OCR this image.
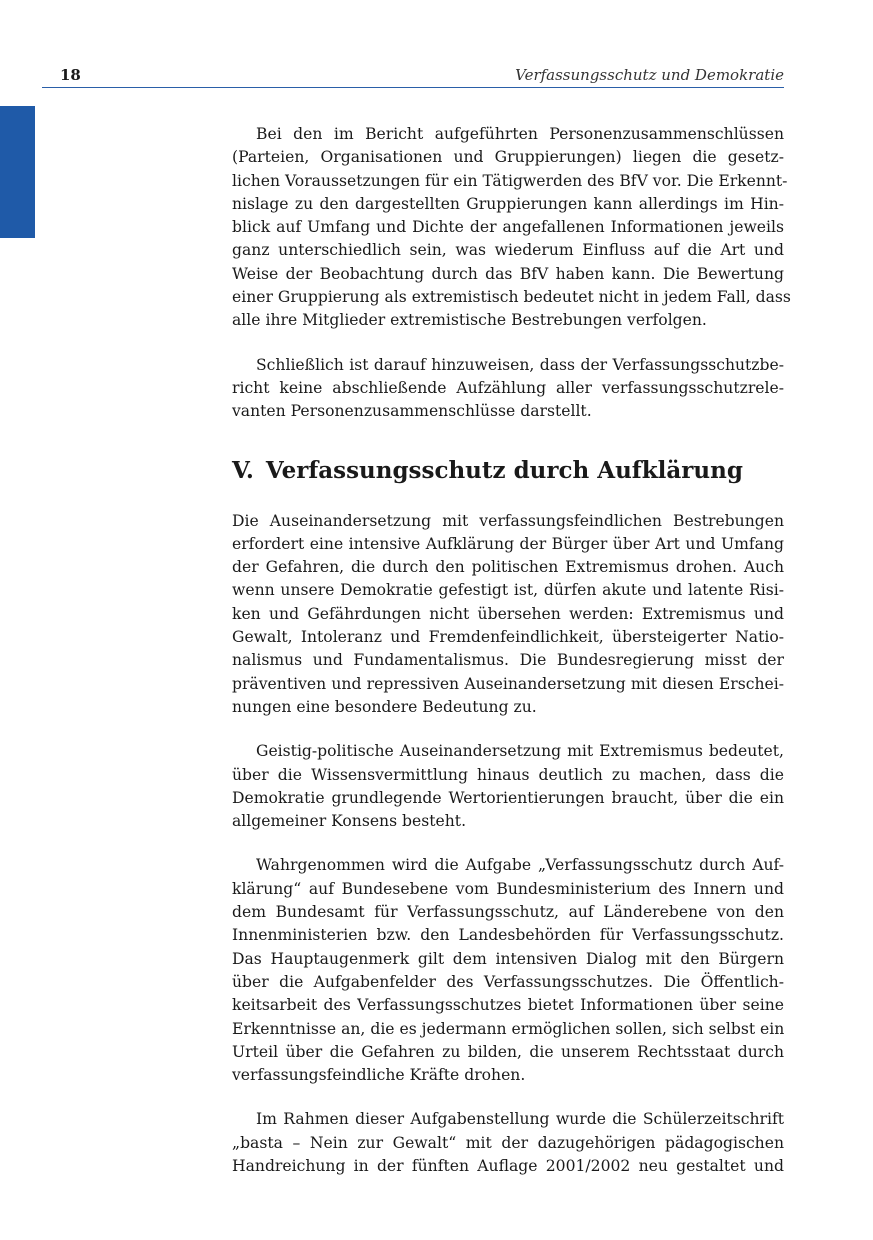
18	Verfassungsschutz und Demokratie

Bei den im Bericht aufgeführten Personenzusammenschlüssen
(Parteien, Organisationen und Gruppierungen) liegen die gesetz-
lichen Voraussetzungen für ein Tätigwerden des BfV vor. Die Erkennt-
nislage zu den dargestellten Gruppierungen kann allerdings im Hin-
blick auf Umfang und Dichte der angefallenen Informationen jeweils
ganz unterschiedlich sein, was wiederum Einfluss auf die Art und
Weise der Beobachtung durch das BfV haben kann. Die Bewertung
einer Gruppierung als extremistisch bedeutet nicht in jedem Fall, dass
alle ihre Mitglieder extremistische Bestrebungen verfolgen.

Schließlich ist darauf hinzuweisen, dass der Verfassungsschutzbe-
richt keine abschließende Aufzählung aller verfassungsschutzrele-
vanten Personenzusammenschlüsse darstellt.

V. Verfassungsschutz durch Aufklärung

Die Auseinandersetzung mit verfassungsfeindlichen Bestrebungen
erfordert eine intensive Aufklärung der Bürger über Art und Umfang
der Gefahren, die durch den politischen Extremismus drohen. Auch
wenn unsere Demokratie gefestigt ist, dürfen akute und latente Risi-
ken und Gefährdungen nicht übersehen werden: Extremismus und
Gewalt, Intoleranz und Fremdenfeindlichkeit, übersteigerter Natio-
nalismus und Fundamentalismus. Die Bundesregierung misst der
präventiven und repressiven Auseinandersetzung mit diesen Erschei-
nungen eine besondere Bedeutung zu.

Geistig-politische Auseinandersetzung mit Extremismus bedeutet,
über die Wissensvermittlung hinaus deutlich zu machen, dass die
Demokratie grundlegende Wertorientierungen braucht, über die ein
allgemeiner Konsens besteht.

Wahrgenommen wird die Aufgabe „Verfassungsschutz durch Auf-
klärung“ auf Bundesebene vom Bundesministerium des Innern und
dem Bundesamt für Verfassungsschutz, auf Länderebene von den
Innenministerien bzw. den Landesbehörden für Verfassungsschutz.
Das Hauptaugenmerk gilt dem intensiven Dialog mit den Bürgern
über die Aufgabenfelder des Verfassungsschutzes. Die Öffentlich-
keitsarbeit des Verfassungsschutzes bietet Informationen über seine
Erkenntnisse an, die es jedermann ermöglichen sollen, sich selbst ein
Urteil über die Gefahren zu bilden, die unserem Rechtsstaat durch
verfassungsfeindliche Kräfte drohen.

Im Rahmen dieser Aufgabenstellung wurde die Schülerzeitschrift
„basta – Nein zur Gewalt“ mit der dazugehörigen pädagogischen
Handreichung in der fünften Auflage 2001/2002 neu gestaltet und
